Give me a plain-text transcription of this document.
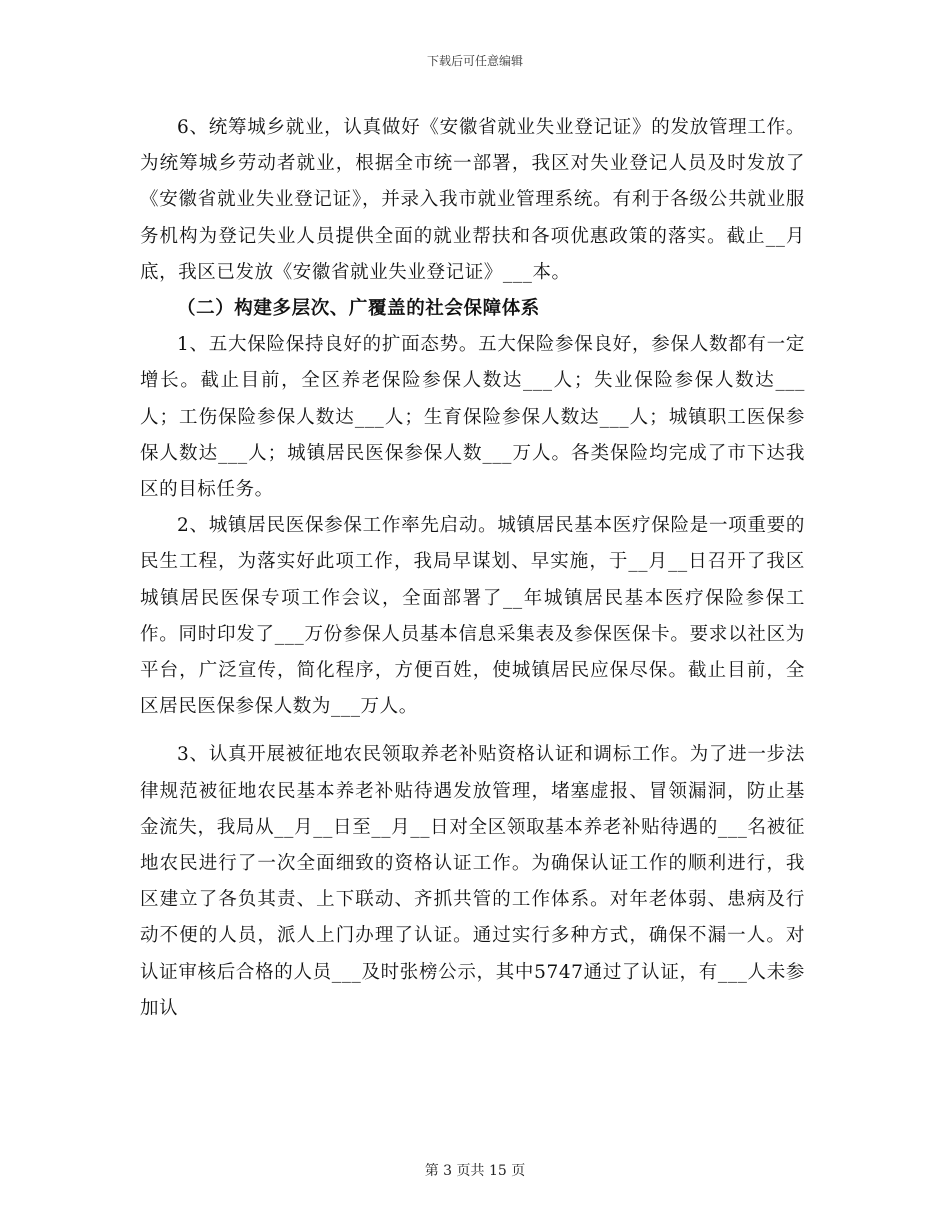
下载后可任意编辑

6、统筹城乡就业，认真做好《安徽省就业失业登记证》的发放管理工作。为统筹城乡劳动者就业，根据全市统一部署，我区对失业登记人员及时发放了《安徽省就业失业登记证》，并录入我市就业管理系统。有利于各级公共就业服务机构为登记失业人员提供全面的就业帮扶和各项优惠政策的落实。截止__月底，我区已发放《安徽省就业失业登记证》___本。

（二）构建多层次、广覆盖的社会保障体系

1、五大保险保持良好的扩面态势。五大保险参保良好，参保人数都有一定增长。截止目前，全区养老保险参保人数达___人；失业保险参保人数达___人；工伤保险参保人数达___人；生育保险参保人数达___人；城镇职工医保参保人数达___人；城镇居民医保参保人数___万人。各类保险均完成了市下达我区的目标任务。

2、城镇居民医保参保工作率先启动。城镇居民基本医疗保险是一项重要的民生工程，为落实好此项工作，我局早谋划、早实施，于__月__日召开了我区城镇居民医保专项工作会议，全面部署了__年城镇居民基本医疗保险参保工作。同时印发了___万份参保人员基本信息采集表及参保医保卡。要求以社区为平台，广泛宣传，简化程序，方便百姓，使城镇居民应保尽保。截止目前，全区居民医保参保人数为___万人。

3、认真开展被征地农民领取养老补贴资格认证和调标工作。为了进一步法律规范被征地农民基本养老补贴待遇发放管理，堵塞虚报、冒领漏洞，防止基金流失，我局从__月__日至__月__日对全区领取基本养老补贴待遇的___名被征地农民进行了一次全面细致的资格认证工作。为确保认证工作的顺利进行，我区建立了各负其责、上下联动、齐抓共管的工作体系。对年老体弱、患病及行动不便的人员，派人上门办理了认证。通过实行多种方式，确保不漏一人。对认证审核后合格的人员___及时张榜公示，其中5747通过了认证，有___人未参加认

第 3 页共 15 页
